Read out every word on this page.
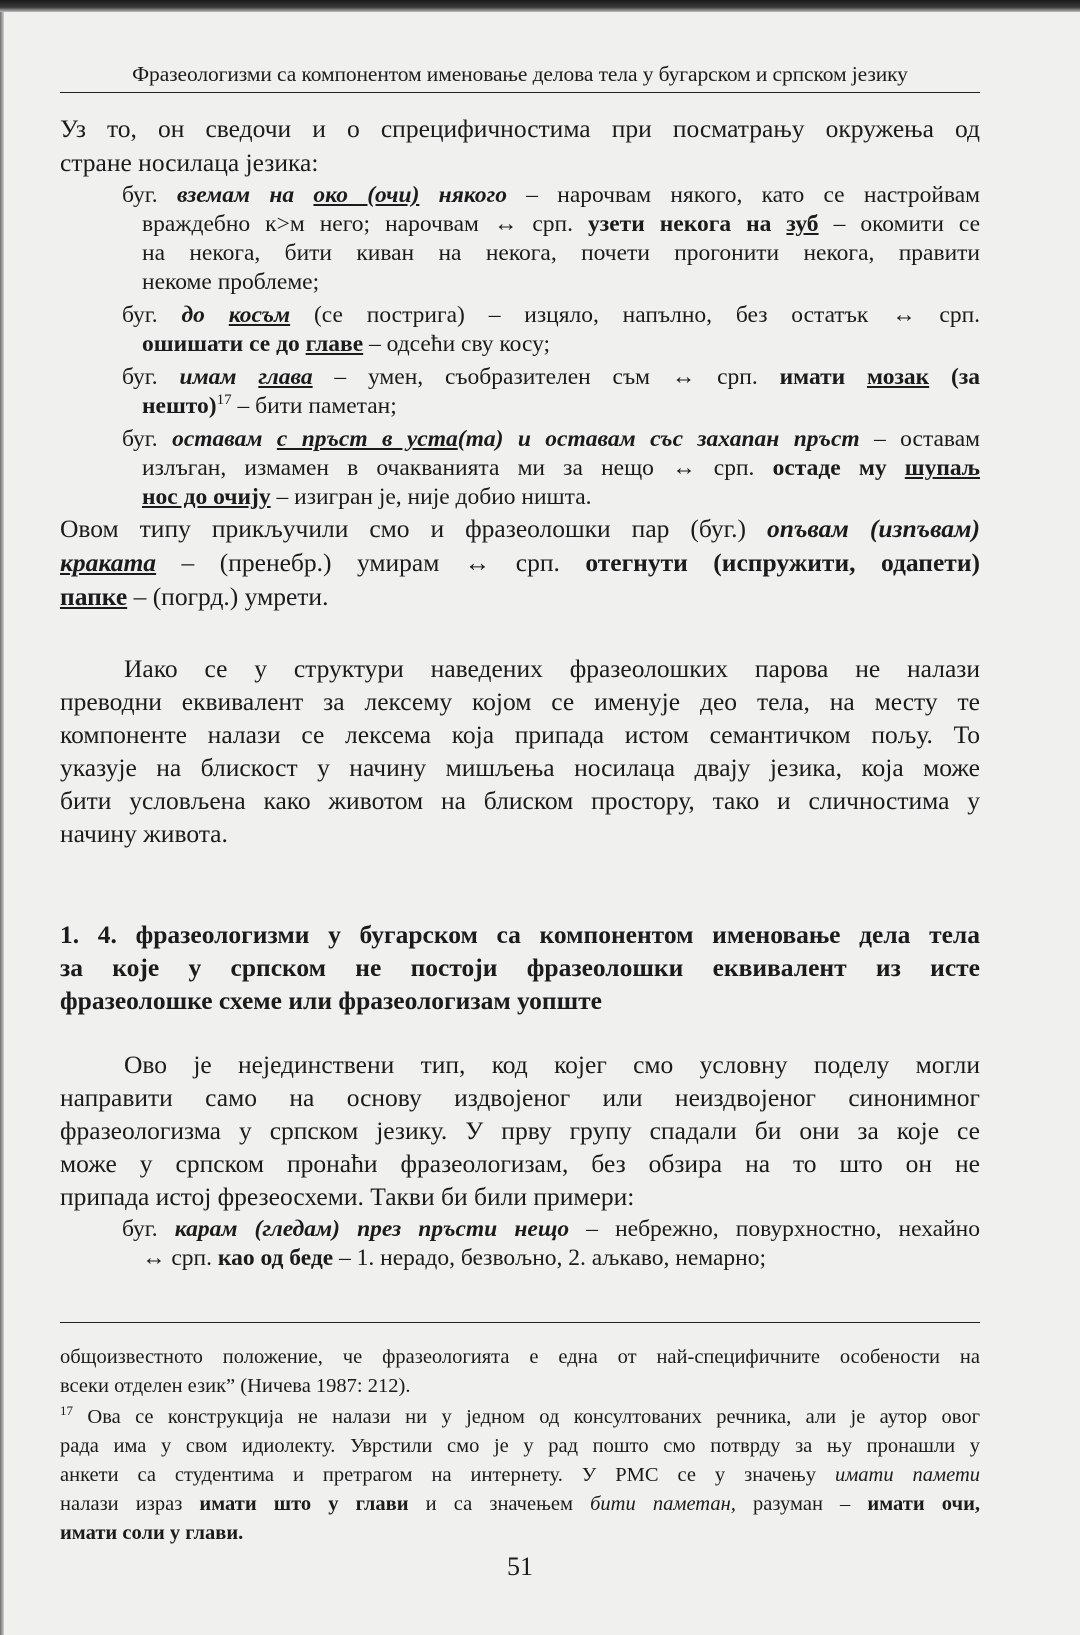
Фразеологизми са компонентом именовање делова тела у бугарском и српском језику
Уз то, он сведочи и о спрецифичностима при посматрању окружења од
стране носилаца језика:
буг. вземам на око (очи) някого – нарочвам някого, като се настройвам
враждебно к>м него; нарочвам ↔ срп. узети некога на зуб – окомити се
на некога, бити киван на некога, почети прогонити некога, правити
некоме проблеме;
буг. до косъм (се пострига) – изцяло, напълно, без остатък ↔ срп.
ошишати се до главе – одсећи сву косу;
буг. имам глава – умен, съобразителен съм ↔ срп. имати мозак (за
нешто)$^{17}$ – бити паметан;
буг. оставам с пръст в уста(та) и оставам със захапан пръст – оставам
излъган, измамен в очакванията ми за нещо ↔ срп. остаде му шупаљ
нос до очију – изигран је, није добио ништа.
Овом типу прикључили смо и фразеолошки пар (буг.) опъвам (изпъвам)
краката – (пренебр.) умирам ↔ срп. отегнути (испружити, одапети)
папке – (погрд.) умрети.
Иако се у структури наведених фразеолошких парова не налази
преводни еквивалент за лексему којом се именује део тела, на месту те
компоненте налази се лексема која припада истом семантичком пољу. То
указује на блискост у начину мишљења носилаца двају језика, која може
бити условљена како животом на блиском простору, тако и сличностима у
начину живота.
1. 4. фразеологизми у бугарском са компонентом именовање дела тела
за које у српском не постоји фразеолошки еквивалент из исте
фразеолошке схеме или фразеологизам уопште
Ово је нејединствени тип, код којег смо условну поделу могли
направити само на основу издвојеног или неиздвојеног синонимног
фразеологизма у српском језику. У прву групу спадали би они за које се
може у српском пронаћи фразеологизам, без обзира на то што он не
припада истој фрезеосхеми. Такви би били примери:
буг. карам (гледам) през пръсти нещо – небрежно, повурхностно, нехайно
↔ срп. као од беде – 1. нерадо, безвољно, 2. аљкаво, немарно;
общоизвестното положение, че фразеологията е една от най-специфичните особености на
всеки отделен език” (Ничева 1987: 212).
$^{17}$ Ова се конструкција не налази ни у једном од консултованих речника, али је аутор овог
рада има у свом идиолекту. Уврстили смо је у рад пошто смо потврду за њу пронашли у
анкети са студентима и претрагом на интернету. У РМС се у значењу имати памети
налази израз имати што у глави и са значењем бити паметан, разуман – имати очи,
имати соли у глави.
51
